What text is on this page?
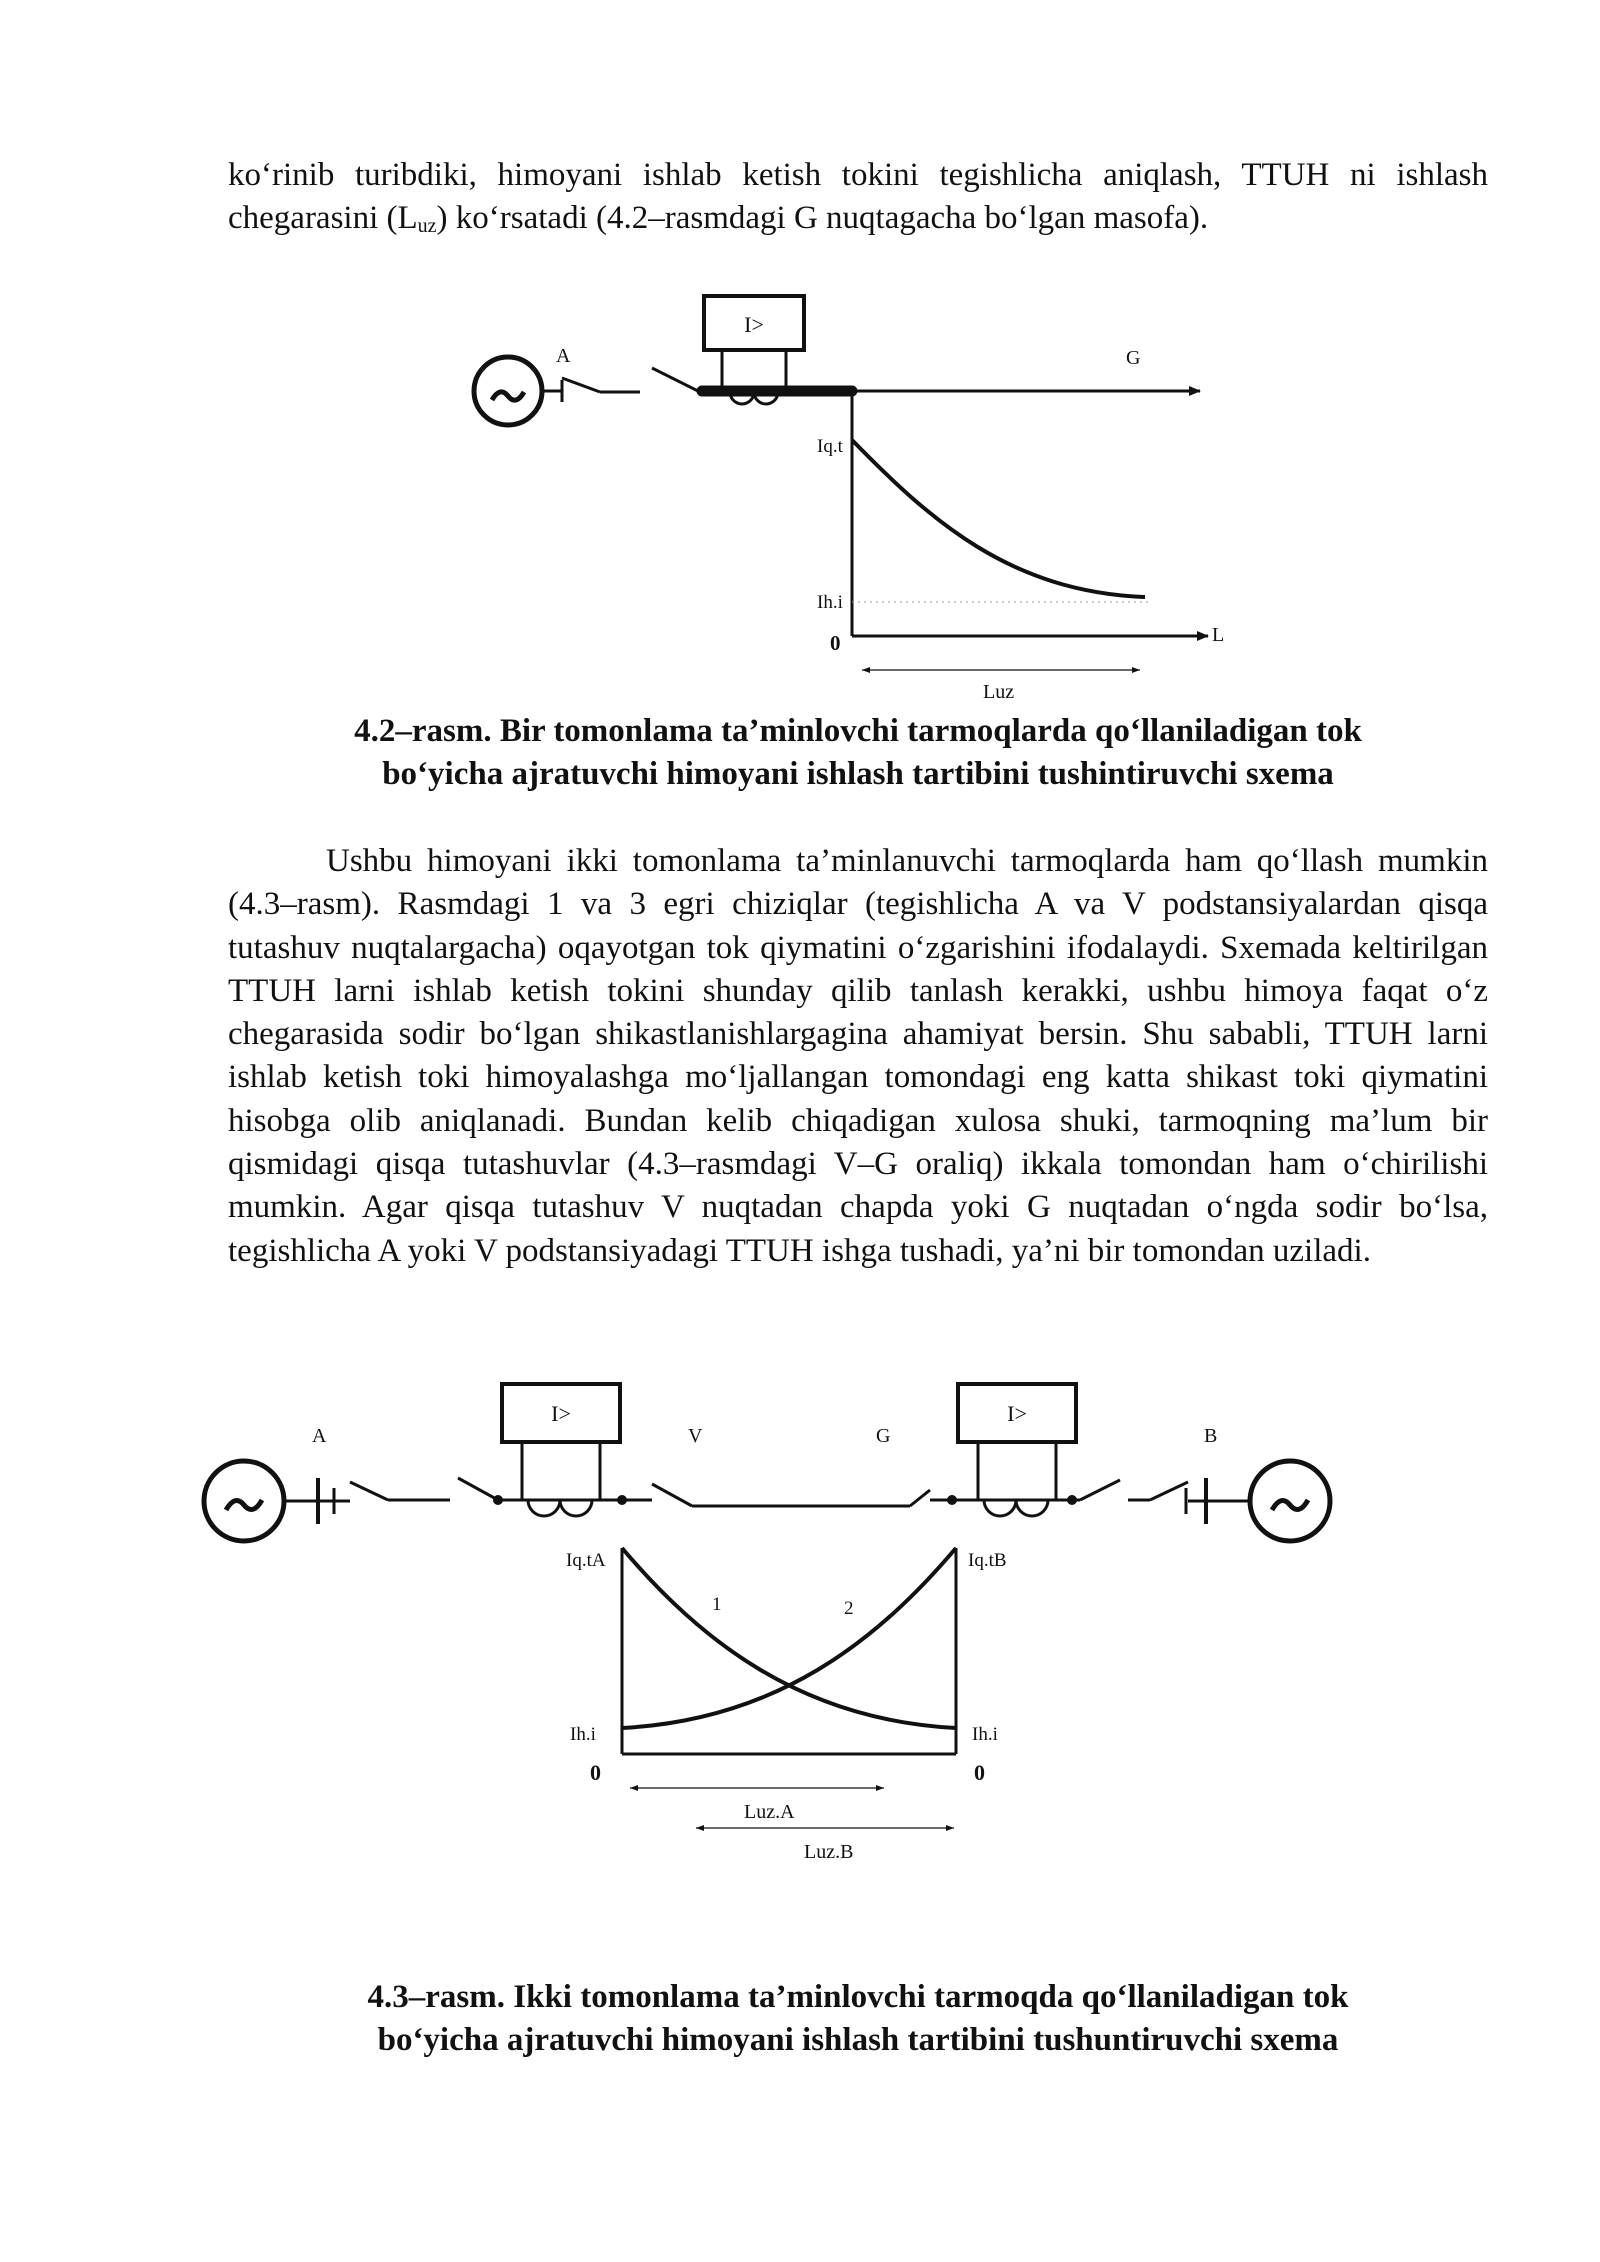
ko‘rinib turibdiki, himoyani ishlab ketish tokini tegishlicha aniqlash, TTUH ni ishlash chegarasini $(L_{uz})$ ko‘rsatadi (4.2–rasmdagi G nuqtagacha bo‘lgan masofa).

A
I>
G
Iq.t
Ih.i
0	L
Luz

4.2–rasm. Bir tomonlama ta’minlovchi tarmoqlarda qo‘llaniladigan tok
bo‘yicha ajratuvchi himoyani ishlash tartibini tushintiruvchi sxema

Ushbu himoyani ikki tomonlama ta’minlanuvchi tarmoqlarda ham qo‘llash mumkin (4.3–rasm). Rasmdagi 1 va 3 egri chiziqlar (tegishlicha A va V podstansiyalardan qisqa tutashuv nuqtalargacha) oqayotgan tok qiymatini o‘zgarishini ifodalaydi. Sxemada keltirilgan TTUH larni ishlab ketish tokini shunday qilib tanlash kerakki, ushbu himoya faqat o‘z chegarasida sodir bo‘lgan shikastlanishlargagina ahamiyat bersin. Shu sababli, TTUH larni ishlab ketish toki himoyalashga mo‘ljallangan tomondagi eng katta shikast toki qiymatini hisobga olib aniqlanadi. Bundan kelib chiqadigan xulosa shuki, tarmoqning ma’lum bir qismidagi qisqa tutashuvlar (4.3–rasmdagi V–G oraliq) ikkala tomondan ham o‘chirilishi mumkin. Agar qisqa tutashuv V nuqtadan chapda yoki G nuqtadan o‘ngda sodir bo‘lsa, tegishlicha A yoki V podstansiyadagi TTUH ishga tushadi, ya’ni bir tomondan uziladi.

A
I>
V	G
I>
B
Iq.tA	Iq.tB
1	2
Ih.i	Ih.i
0	0
Luz.A
Luz.B

4.3–rasm. Ikki tomonlama ta’minlovchi tarmoqda qo‘llaniladigan tok
bo‘yicha ajratuvchi himoyani ishlash tartibini tushuntiruvchi sxema
